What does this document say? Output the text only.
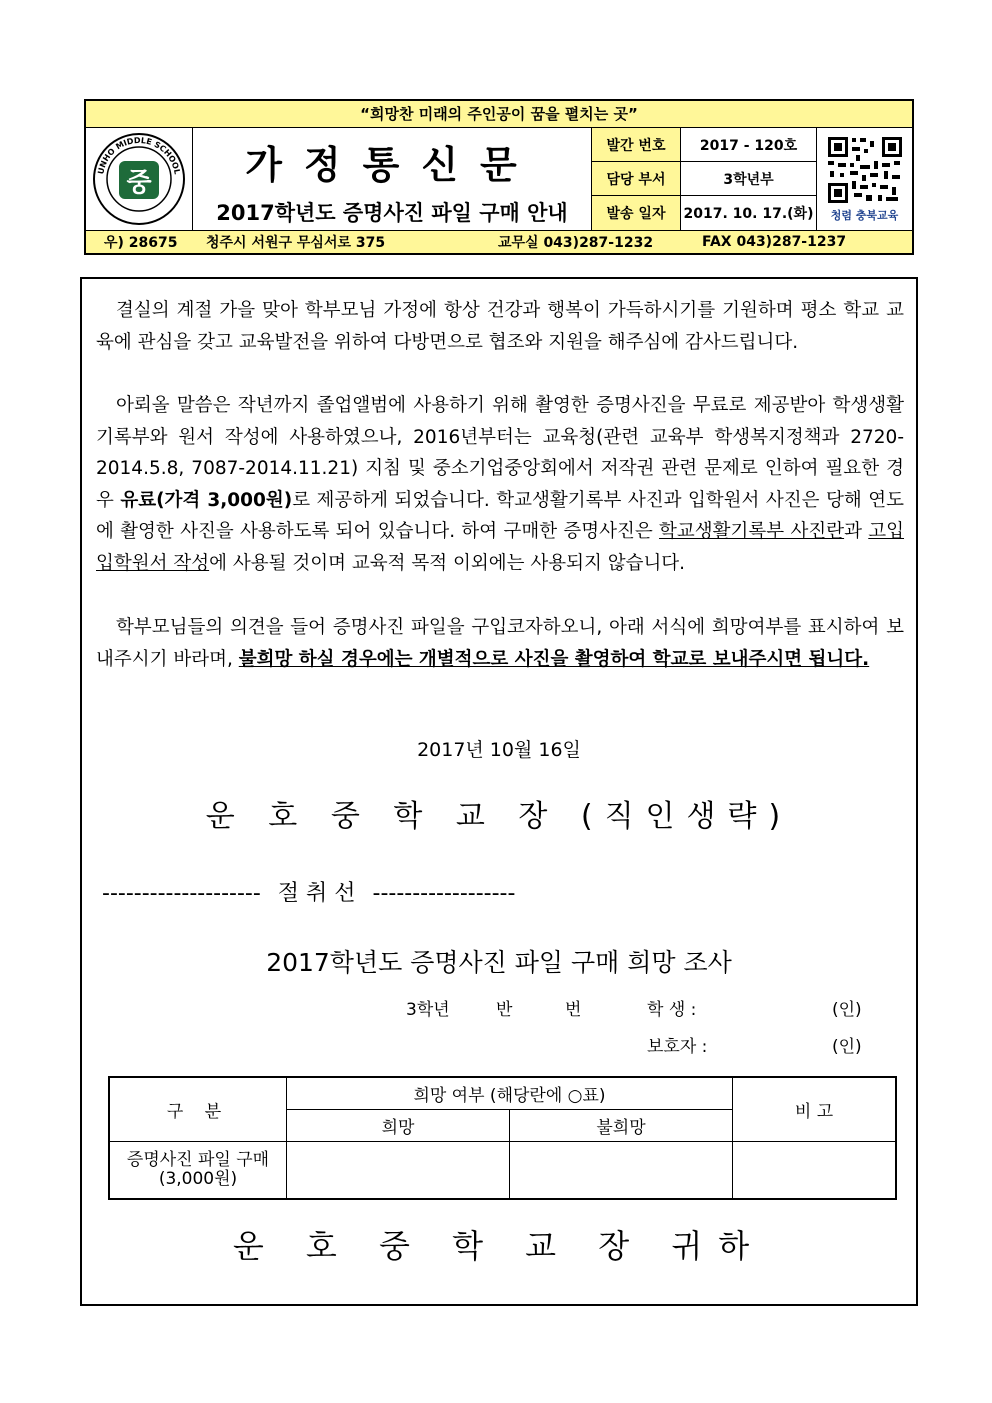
“희망찬 미래의 주인공이 꿈을 펼치는 곳”
UNHO MIDDLE SCHOOL
중	가정통신문
2017학년도 증명사진 파일 구매 안내
발간 번호	2017 - 120호
담당 부서	3학년부
발송 일자	2017. 10. 17.(화) 청렴 충북교육
우) 28675 청주시 서원구 무심서로 375	교무실 043)287-1232	FAX 043)287-1237
결실의 계절 가을 맞아 학부모님 가정에 항상 건강과 행복이 가득하시기를 기원하며 평소 학교 교육에 관심을 갖고 교육발전을 위하여 다방면으로 협조와 지원을 해주심에 감사드립니다.
아뢰올 말씀은 작년까지 졸업앨범에 사용하기 위해 촬영한 증명사진을 무료로 제공받아 학생생활기록부와 원서 작성에 사용하였으나, 2016년부터는 교육청(관련 교육부 학생복지정책과 2720-2014.5.8, 7087-2014.11.21) 지침 및 중소기업중앙회에서 저작권 관련 문제로 인하여 필요한 경우 유료(가격 3,000원)로 제공하게 되었습니다. 학교생활기록부 사진과 입학원서 사진은 당해 연도에 촬영한 사진을 사용하도록 되어 있습니다. 하여 구매한 증명사진은 학교생활기록부 사진란과 고입 입학원서 작성에 사용될 것이며 교육적 목적 이외에는 사용되지 않습니다.
학부모님들의 의견을 들어 증명사진 파일을 구입코자하오니, 아래 서식에 희망여부를 표시하여 보내주시기 바라며, 불희망 하실 경우에는 개별적으로 사진을 촬영하여 학교로 보내주시면 됩니다.
2017년 10월 16일
운 호 중 학 교 장 (직인생략)
-------------------- 절 취 선 ------------------
2017학년도 증명사진 파일 구매 희망 조사
3학년	반	번	학 생 :	(인)
보호자 :	(인)
구 분	희망 여부 (해당란에 ○표)		비 고
	희망	불희망	

증명사진 파일 구매
(3,000원)			

운 호 중 학 교 장 귀하
